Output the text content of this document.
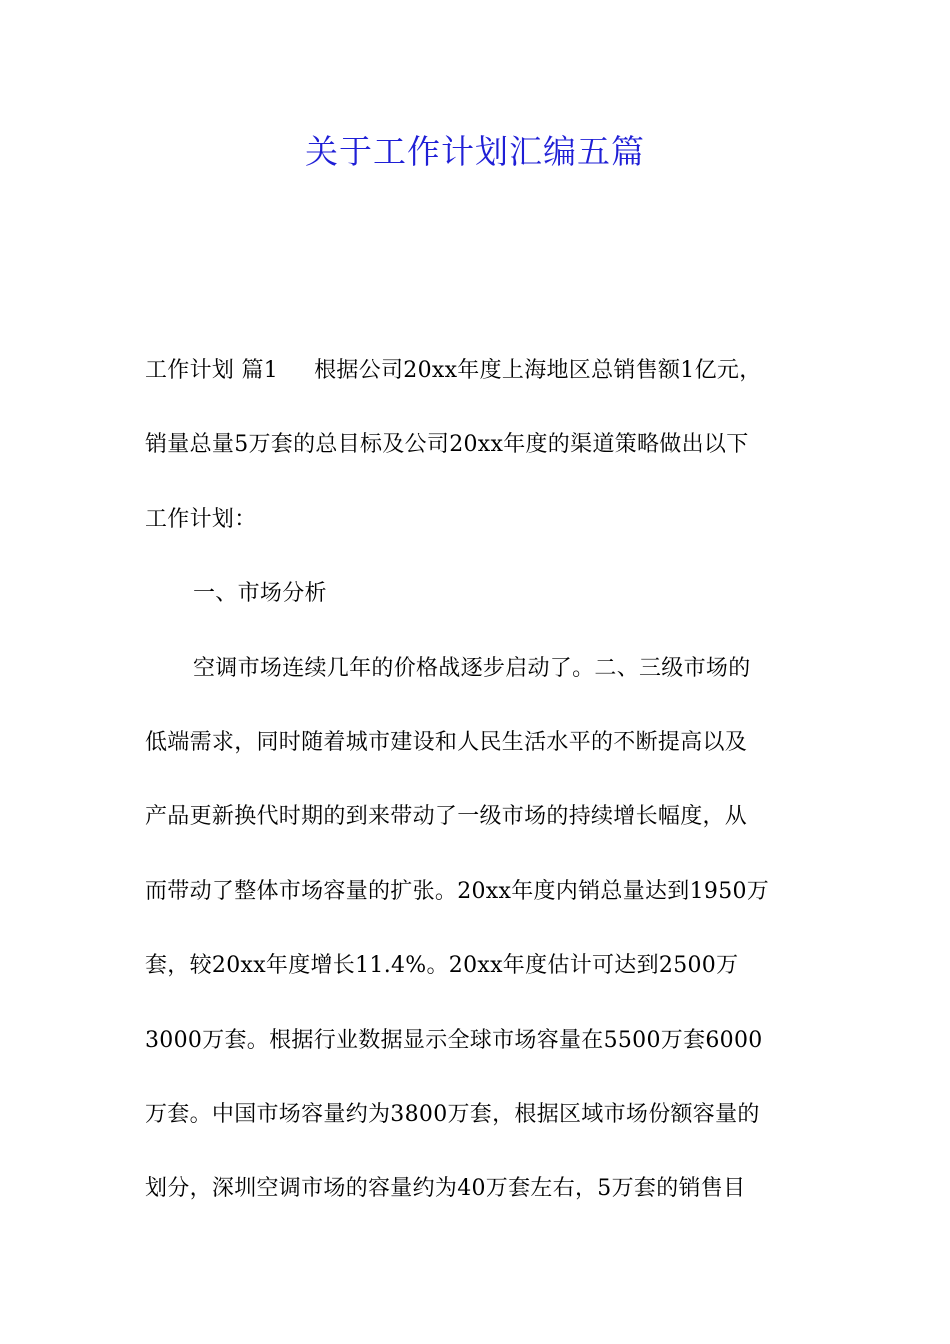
关于工作计划汇编五篇
工作计划 篇1 根据公司20xx年度上海地区总销售额1亿元，
销量总量5万套的总目标及公司20xx年度的渠道策略做出以下
工作计划：
一、市场分析
空调市场连续几年的价格战逐步启动了。二、三级市场的
低端需求，同时随着城市建设和人民生活水平的不断提高以及
产品更新换代时期的到来带动了一级市场的持续增长幅度，从
而带动了整体市场容量的扩张。20xx年度内销总量达到1950万
套，较20xx年度增长11.4%。20xx年度估计可达到2500万
3000万套。根据行业数据显示全球市场容量在5500万套6000
万套。中国市场容量约为3800万套，根据区域市场份额容量的
划分，深圳空调市场的容量约为40万套左右，5万套的销售目
